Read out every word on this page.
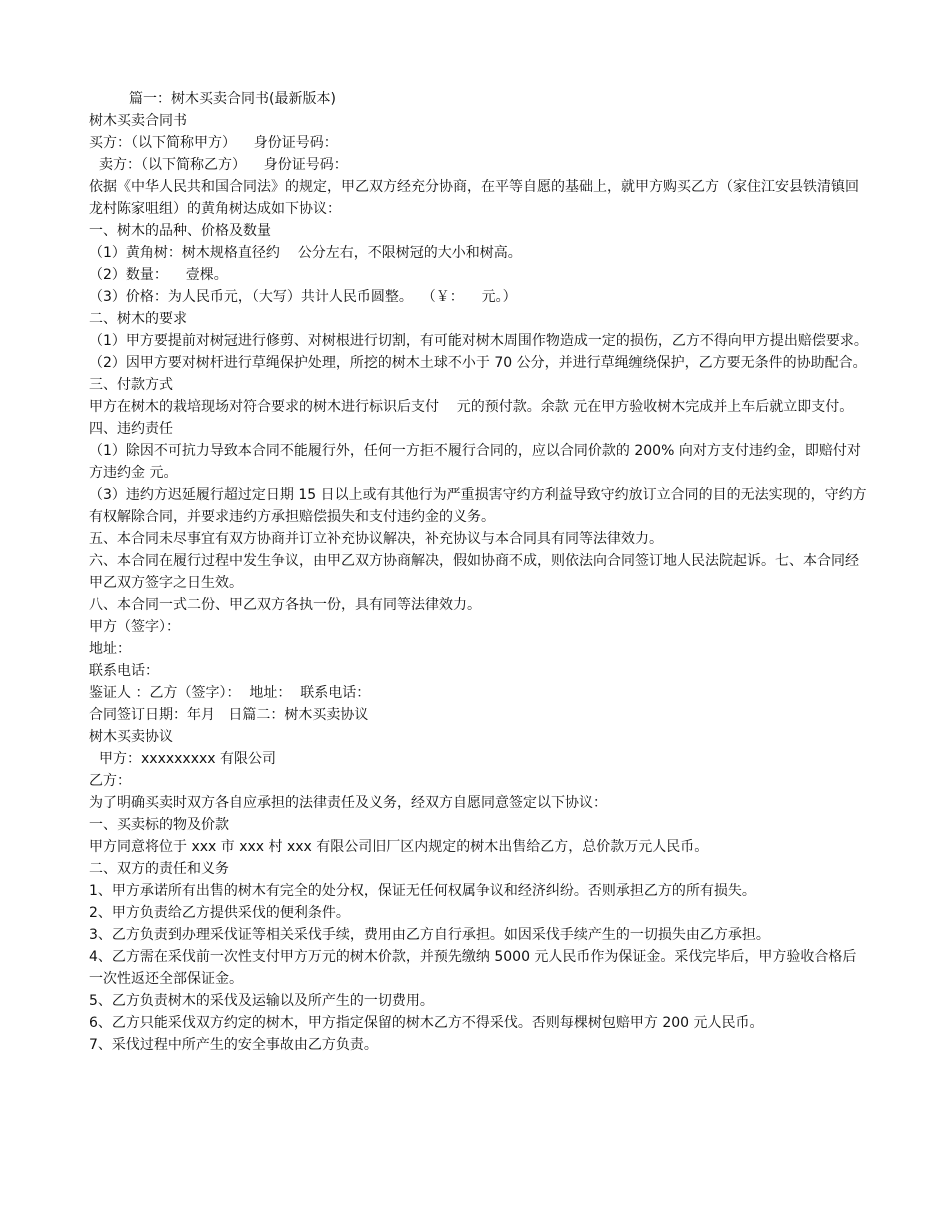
篇一：树木买卖合同书(最新版本)
树木买卖合同书
买方：（以下简称甲方）    身份证号码：
卖方：（以下简称乙方）    身份证号码：
依据《中华人民共和国合同法》的规定，甲乙双方经充分协商，在平等自愿的基础上，就甲方购买乙方（家住江安县铁清镇回龙村陈家咀组）的黄角树达成如下协议：
一、树木的品种、价格及数量
（1）黄角树：树木规格直径约    公分左右，不限树冠的大小和树高。
（2）数量：    壹棵。
（3）价格：为人民币元，（大写）共计人民币圆整。  （￥：    元。）
二、树木的要求
（1）甲方要提前对树冠进行修剪、对树根进行切割，有可能对树木周围作物造成一定的损伤，乙方不得向甲方提出赔偿要求。
（2）因甲方要对树杆进行草绳保护处理，所挖的树木土球不小于 70 公分，并进行草绳缠绕保护，乙方要无条件的协助配合。三、付款方式
甲方在树木的栽培现场对符合要求的树木进行标识后支付    元的预付款。余款 元在甲方验收树木完成并上车后就立即支付。
四、违约责任
（1）除因不可抗力导致本合同不能履行外，任何一方拒不履行合同的，应以合同价款的 200% 向对方支付违约金，即赔付对方违约金 元。
（3）违约方迟延履行超过定日期 15 日以上或有其他行为严重损害守约方利益导致守约放订立合同的目的无法实现的，守约方有权解除合同，并要求违约方承担赔偿损失和支付违约金的义务。
五、本合同未尽事宜有双方协商并订立补充协议解决，补充协议与本合同具有同等法律效力。
六、本合同在履行过程中发生争议，由甲乙双方协商解决，假如协商不成，则依法向合同签订地人民法院起诉。七、本合同经甲乙双方签字之日生效。
八、本合同一式二份、甲乙双方各执一份，具有同等法律效力。
甲方（签字）：
地址：
联系电话：
鉴证人 ：乙方（签字）：  地址：  联系电话：
合同签订日期：年月   日篇二：树木买卖协议
树木买卖协议
甲方：xxxxxxxxx 有限公司
乙方：
为了明确买卖时双方各自应承担的法律责任及义务，经双方自愿同意签定以下协议：
一、买卖标的物及价款
甲方同意将位于 xxx 市 xxx 村 xxx 有限公司旧厂区内规定的树木出售给乙方，总价款万元人民币。
二、双方的责任和义务
1、甲方承诺所有出售的树木有完全的处分权，保证无任何权属争议和经济纠纷。否则承担乙方的所有损失。
2、甲方负责给乙方提供采伐的便利条件。
3、乙方负责到办理采伐证等相关采伐手续，费用由乙方自行承担。如因采伐手续产生的一切损失由乙方承担。
4、乙方需在采伐前一次性支付甲方万元的树木价款，并预先缴纳 5000 元人民币作为保证金。采伐完毕后，甲方验收合格后一次性返还全部保证金。
5、乙方负责树木的采伐及运输以及所产生的一切费用。
6、乙方只能采伐双方约定的树木，甲方指定保留的树木乙方不得采伐。否则每棵树包赔甲方 200 元人民币。
7、采伐过程中所产生的安全事故由乙方负责。
